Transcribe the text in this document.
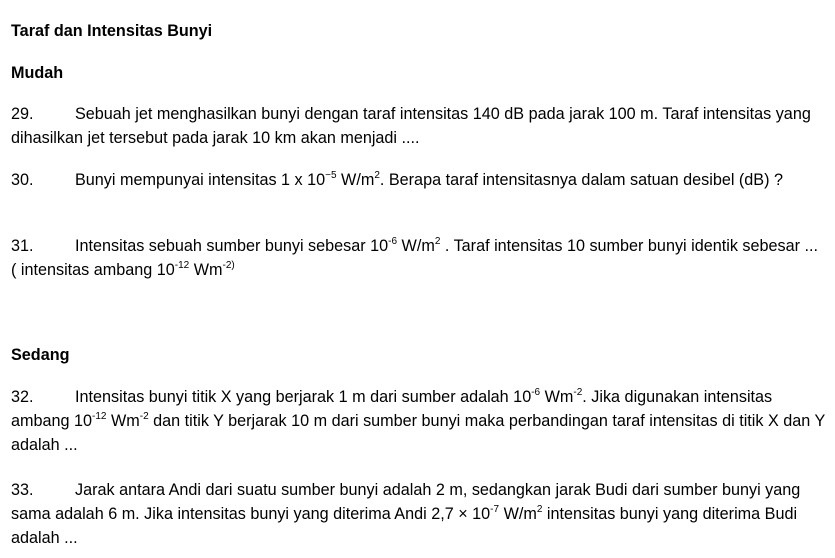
Taraf dan Intensitas Bunyi
Mudah
29.	Sebuah jet menghasilkan bunyi dengan taraf intensitas 140 dB pada jarak 100 m. Taraf intensitas yang dihasilkan jet tersebut pada jarak 10 km akan menjadi ....
30.	Bunyi mempunyai intensitas 1 x $10^{-5}$ $W/m^2$. Berapa taraf intensitasnya dalam satuan desibel (dB) ?
31.	Intensitas sebuah sumber bunyi sebesar $10^{-6}$ $W/m^2$ . Taraf intensitas 10 sumber bunyi identik sebesar ... ( intensitas ambang $10^{-12}$ $Wm^{-2)}$
Sedang
32.	Intensitas bunyi titik X yang berjarak 1 m dari sumber adalah $10^{-6}$ $Wm^{-2}$. Jika digunakan intensitas ambang $10^{-12}$ $Wm^{-2}$ dan titik Y berjarak 10 m dari sumber bunyi maka perbandingan taraf intensitas di titik X dan Y adalah ...
33.	Jarak antara Andi dari suatu sumber bunyi adalah 2 m, sedangkan jarak Budi dari sumber bunyi yang sama adalah 6 m. Jika intensitas bunyi yang diterima Andi $2,7 \times 10^{-7}$ $W/m^2$ intensitas bunyi yang diterima Budi adalah ...
